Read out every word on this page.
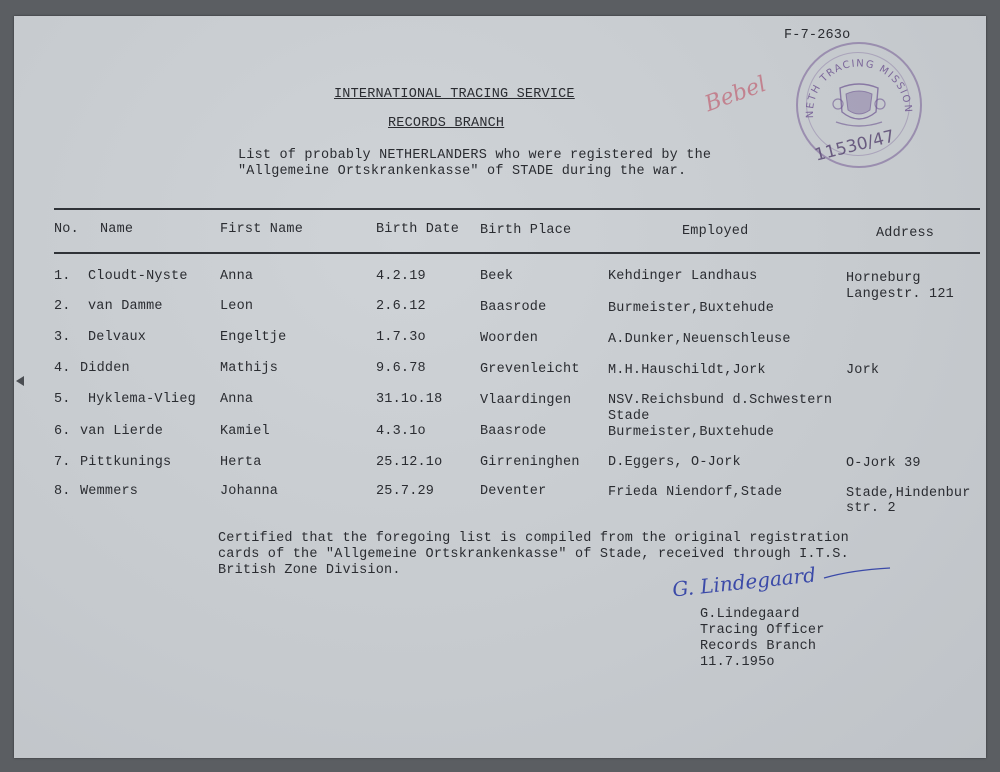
F-7-263o
Bebel	NETH TRACING MISSION
11530/47
INTERNATIONAL TRACING SERVICE
RECORDS BRANCH
List of probably NETHERLANDERS who were registered by the
"Allgemeine Ortskrankenkasse" of STADE during the war.
No. Name	First Name	Birth Date Birth Place	Employed	Address
1. Cloudt-Nyste Anna	4.2.19	Beek	Kehdinger Landhaus	Horneburg
Langestr. 121
2. van Damme	Leon	2.6.12	Baasrode	Burmeister,Buxtehude
3. Delvaux	Engeltje	1.7.3o	Woorden	A.Dunker,Neuenschleuse
4. Didden	Mathijs	9.6.78	Grevenleicht M.H.Hauschildt,Jork	Jork
5. Hyklema-Vlieg Anna	31.1o.18	Vlaardingen	NSV.Reichsbund d.Schwestern
Stade
6. van Lierde	Kamiel	4.3.1o	Baasrode	Burmeister,Buxtehude
7. Pittkunings	Herta	25.12.1o	Girreninghen D.Eggers, O-Jork	O-Jork 39
8. Wemmers	Johanna	25.7.29	Deventer	Frieda Niendorf,Stade	Stade,Hindenbur
str. 2
Certified that the foregoing list is compiled from the original registration
cards of the "Allgemeine Ortskrankenkasse" of Stade, received through I.T.S.
British Zone Division.	G. Lindegaard
G.Lindegaard
Tracing Officer
Records Branch
11.7.195o
